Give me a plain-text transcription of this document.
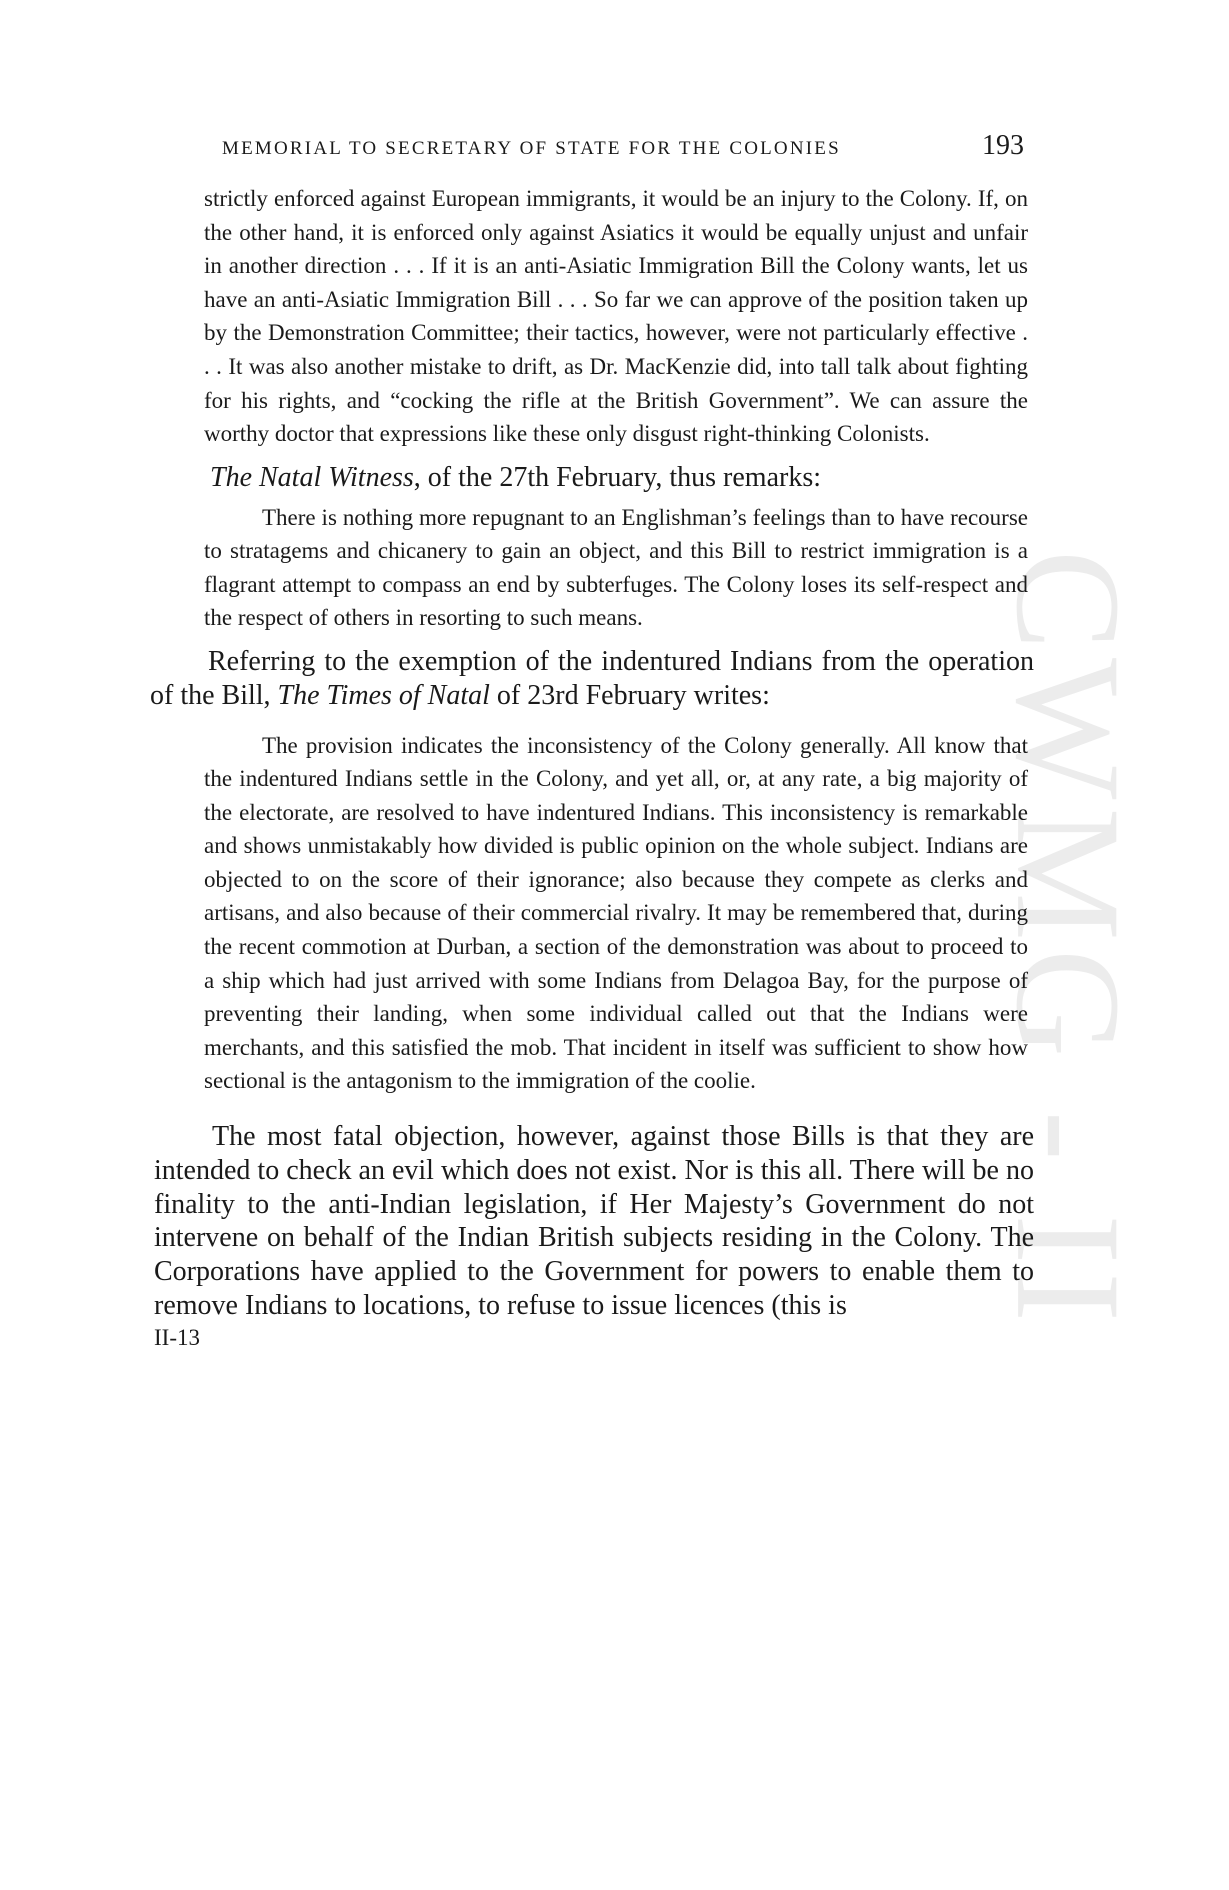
CWMG - II
MEMORIAL TO SECRETARY OF STATE FOR THE COLONIES	193

strictly enforced against European immigrants, it would be an injury to the Colony. If, on the other hand, it is enforced only against Asiatics it would be equally unjust and unfair in another direction . . . If it is an anti-Asiatic Immigration Bill the Colony wants, let us have an anti-Asiatic Immigration Bill . . . So far we can approve of the position taken up by the Demonstration Committee; their tactics, however, were not particularly effective . . . It was also another mistake to drift, as Dr. MacKenzie did, into tall talk about fighting for his rights, and “cocking the rifle at the British Government”. We can assure the worthy doctor that expressions like these only disgust right-thinking Colonists.

The Natal Witness, of the 27th February, thus remarks:

There is nothing more repugnant to an Englishman’s feelings than to have recourse to stratagems and chicanery to gain an object, and this Bill to restrict immigration is a flagrant attempt to compass an end by subterfuges. The Colony loses its self-respect and the respect of others in resorting to such means.

Referring to the exemption of the indentured Indians from the operation of the Bill, The Times of Natal of 23rd February writes:

The provision indicates the inconsistency of the Colony generally. All know that the indentured Indians settle in the Colony, and yet all, or, at any rate, a big majority of the electorate, are resolved to have indentured Indians. This inconsistency is remarkable and shows unmistakably how divided is public opinion on the whole subject. Indians are objected to on the score of their ignorance; also because they compete as clerks and artisans, and also because of their commercial rivalry. It may be remembered that, during the recent commotion at Durban, a section of the demonstration was about to proceed to a ship which had just arrived with some Indians from Delagoa Bay, for the purpose of preventing their landing, when some individual called out that the Indians were merchants, and this satisfied the mob. That incident in itself was sufficient to show how sectional is the antagonism to the immigration of the coolie.

The most fatal objection, however, against those Bills is that they are intended to check an evil which does not exist. Nor is this all. There will be no finality to the anti-Indian legislation, if Her Majesty’s Government do not intervene on behalf of the Indian British subjects residing in the Colony. The Corporations have applied to the Government for powers to enable them to remove Indians to locations, to refuse to issue licences (this is

II-13
